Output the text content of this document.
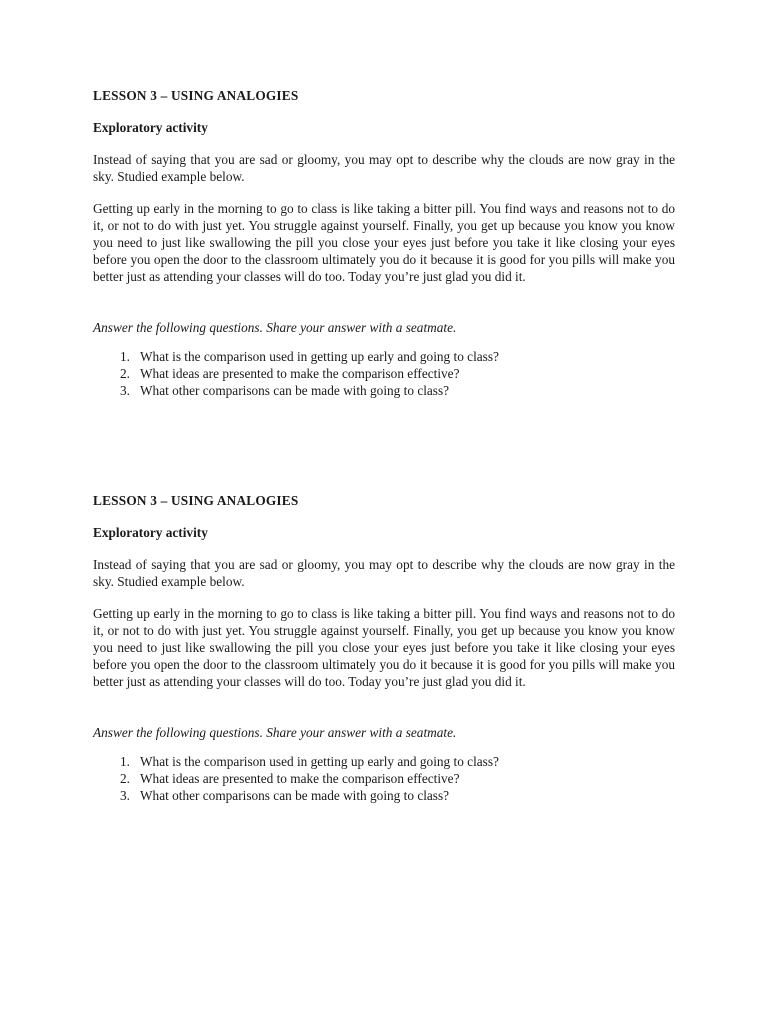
LESSON 3 – USING ANALOGIES
Exploratory activity

Instead of saying that you are sad or gloomy, you may opt to describe why the clouds are now gray in the sky. Studied example below.

Getting up early in the morning to go to class is like taking a bitter pill. You find ways and reasons not to do it, or not to do with just yet. You struggle against yourself. Finally, you get up because you know you know you need to just like swallowing the pill you close your eyes just before you take it like closing your eyes before you open the door to the classroom ultimately you do it because it is good for you pills will make you better just as attending your classes will do too. Today you’re just glad you did it.

Answer the following questions. Share your answer with a seatmate.
1. What is the comparison used in getting up early and going to class?
2. What ideas are presented to make the comparison effective?
3. What other comparisons can be made with going to class?
LESSON 3 – USING ANALOGIES
Exploratory activity

Instead of saying that you are sad or gloomy, you may opt to describe why the clouds are now gray in the sky. Studied example below.

Getting up early in the morning to go to class is like taking a bitter pill. You find ways and reasons not to do it, or not to do with just yet. You struggle against yourself. Finally, you get up because you know you know you need to just like swallowing the pill you close your eyes just before you take it like closing your eyes before you open the door to the classroom ultimately you do it because it is good for you pills will make you better just as attending your classes will do too. Today you’re just glad you did it.

Answer the following questions. Share your answer with a seatmate.
1. What is the comparison used in getting up early and going to class?
2. What ideas are presented to make the comparison effective?
3. What other comparisons can be made with going to class?
